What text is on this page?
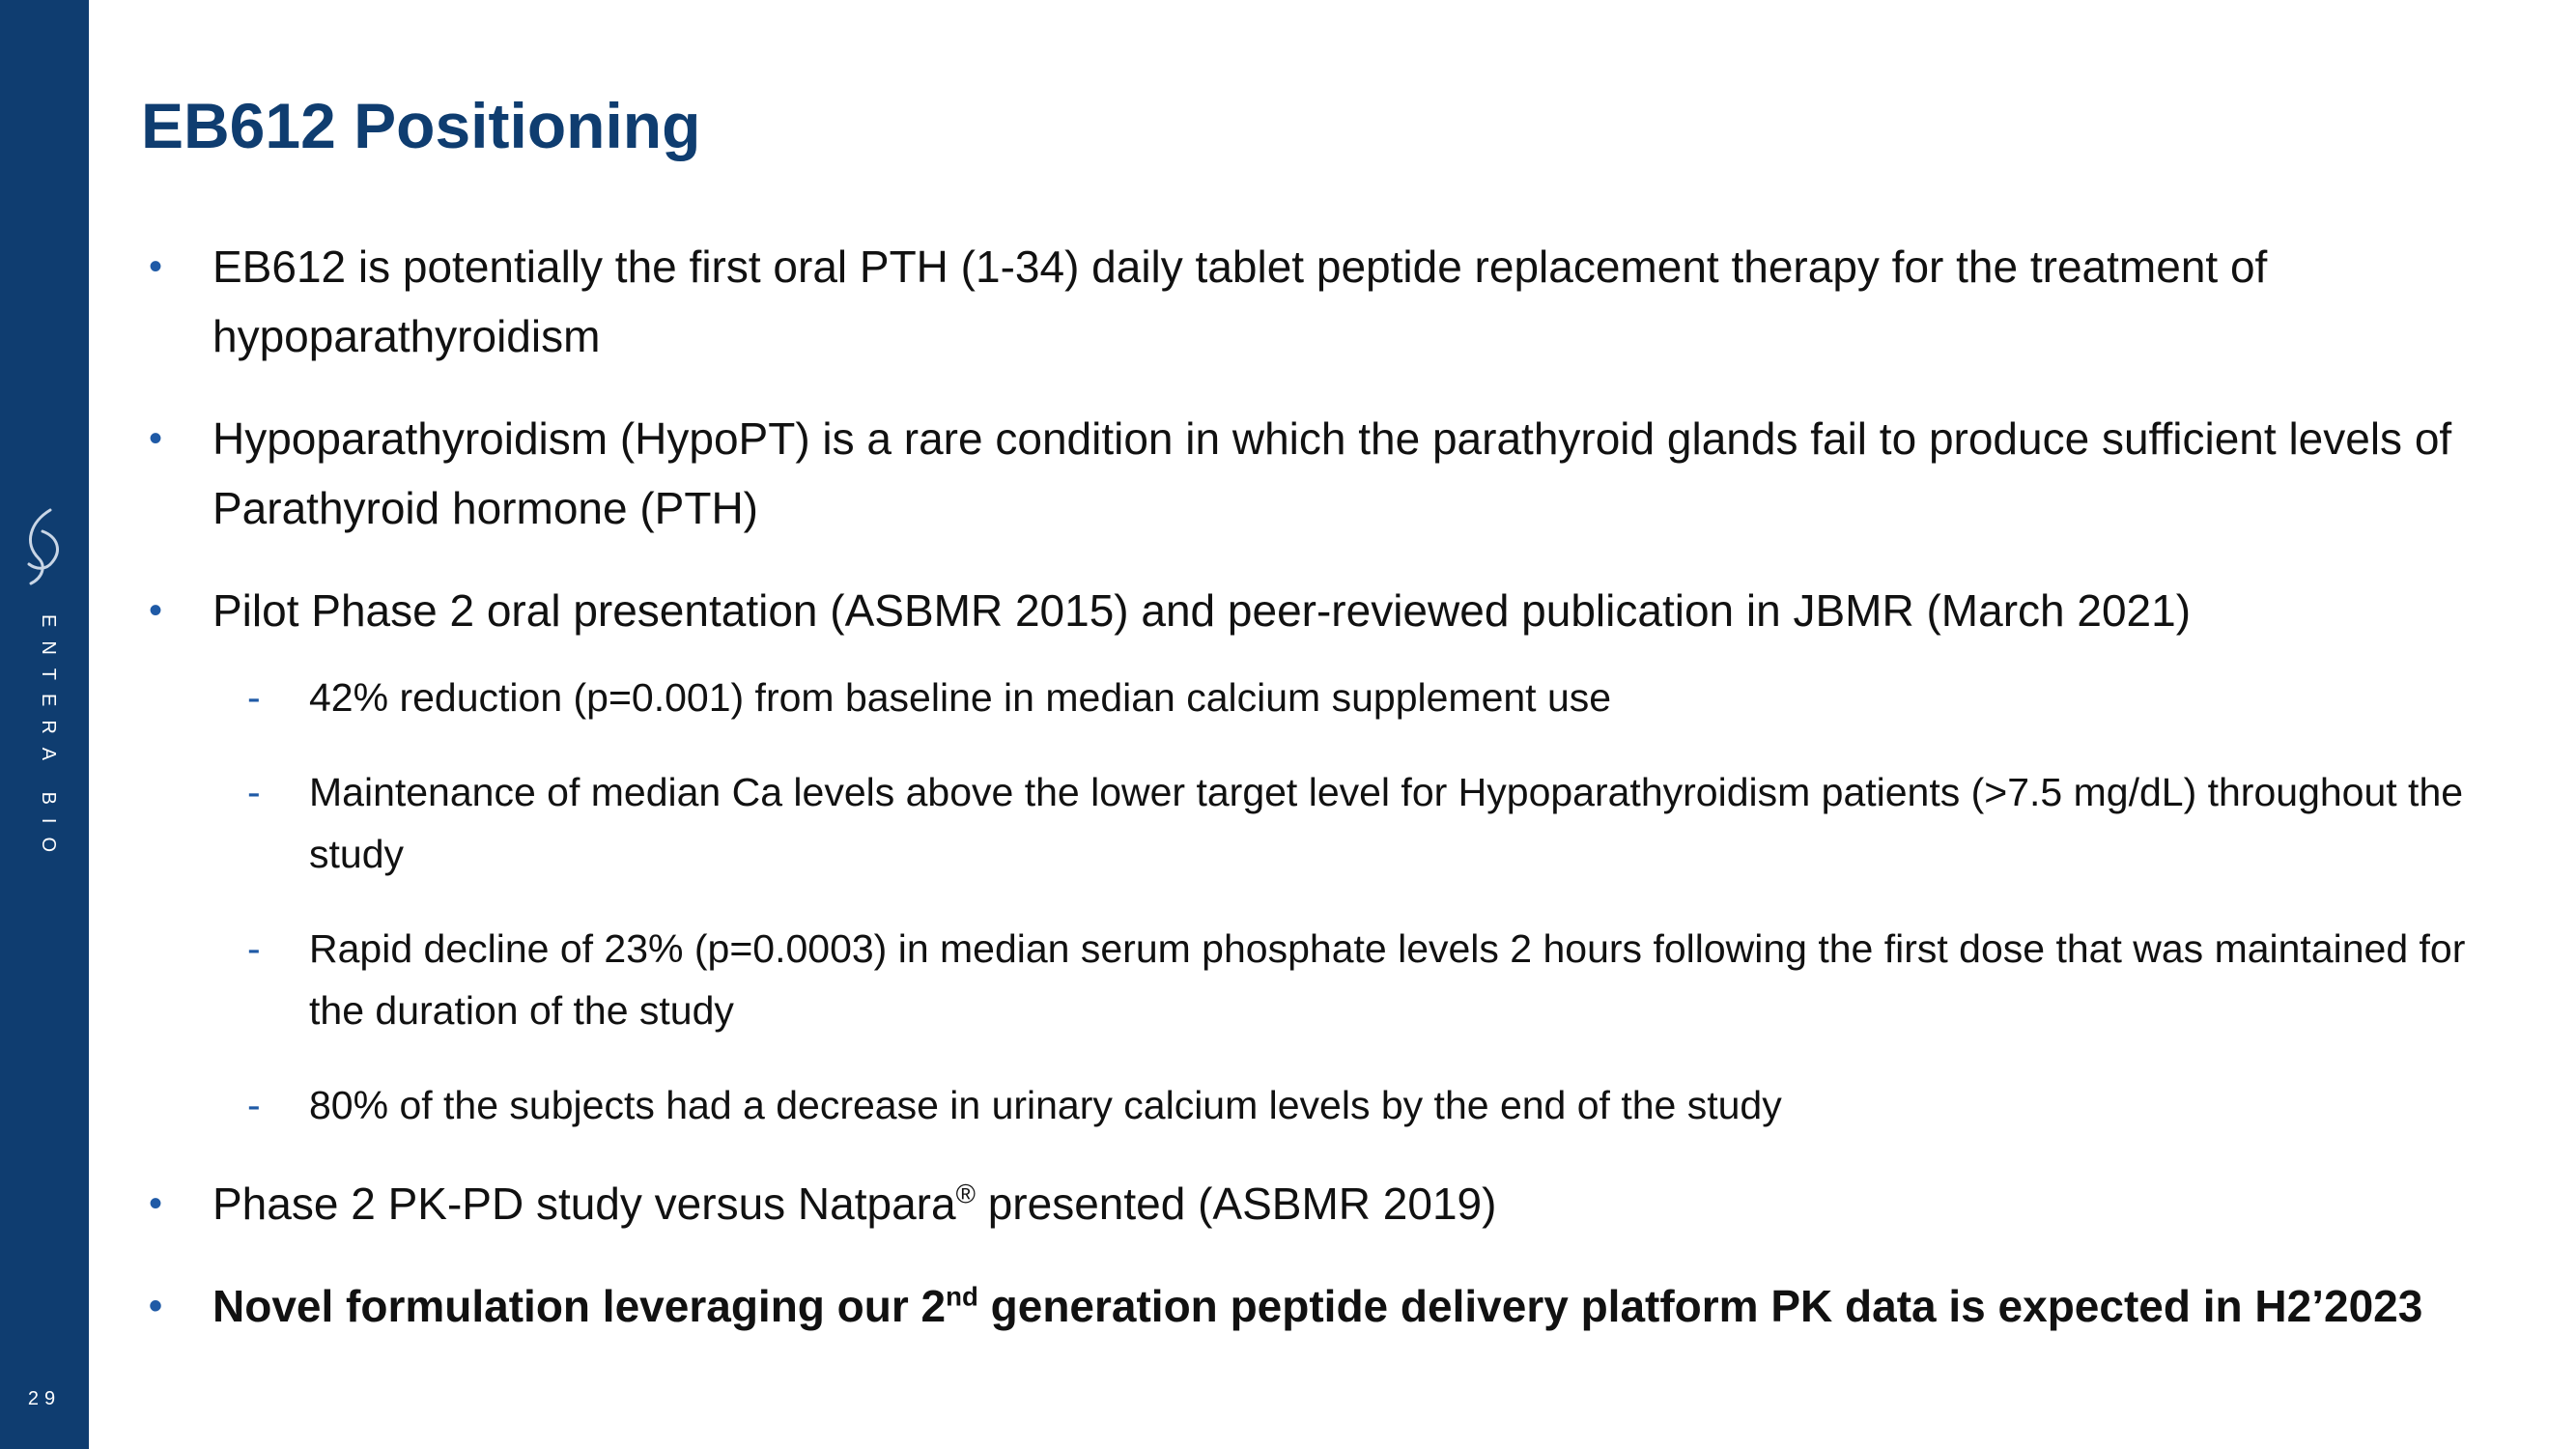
ENTERA BIO
29
EB612 Positioning
• EB612 is potentially the first oral PTH (1-34) daily tablet peptide replacement therapy for the treatment of hypoparathyroidism
• Hypoparathyroidism (HypoPT) is a rare condition in which the parathyroid glands fail to produce sufficient levels of Parathyroid hormone (PTH)
• Pilot Phase 2 oral presentation (ASBMR 2015) and peer-reviewed publication in JBMR (March 2021)
- 42% reduction (p=0.001) from baseline in median calcium supplement use
- Maintenance of median Ca levels above the lower target level for Hypoparathyroidism patients (>7.5 mg/dL) throughout the study
- Rapid decline of 23% (p=0.0003) in median serum phosphate levels 2 hours following the first dose that was maintained for the duration of the study
- 80% of the subjects had a decrease in urinary calcium levels by the end of the study
• Phase 2 PK-PD study versus Natpara® presented (ASBMR 2019)
• Novel formulation leveraging our 2nd generation peptide delivery platform PK data is expected in H2’2023
